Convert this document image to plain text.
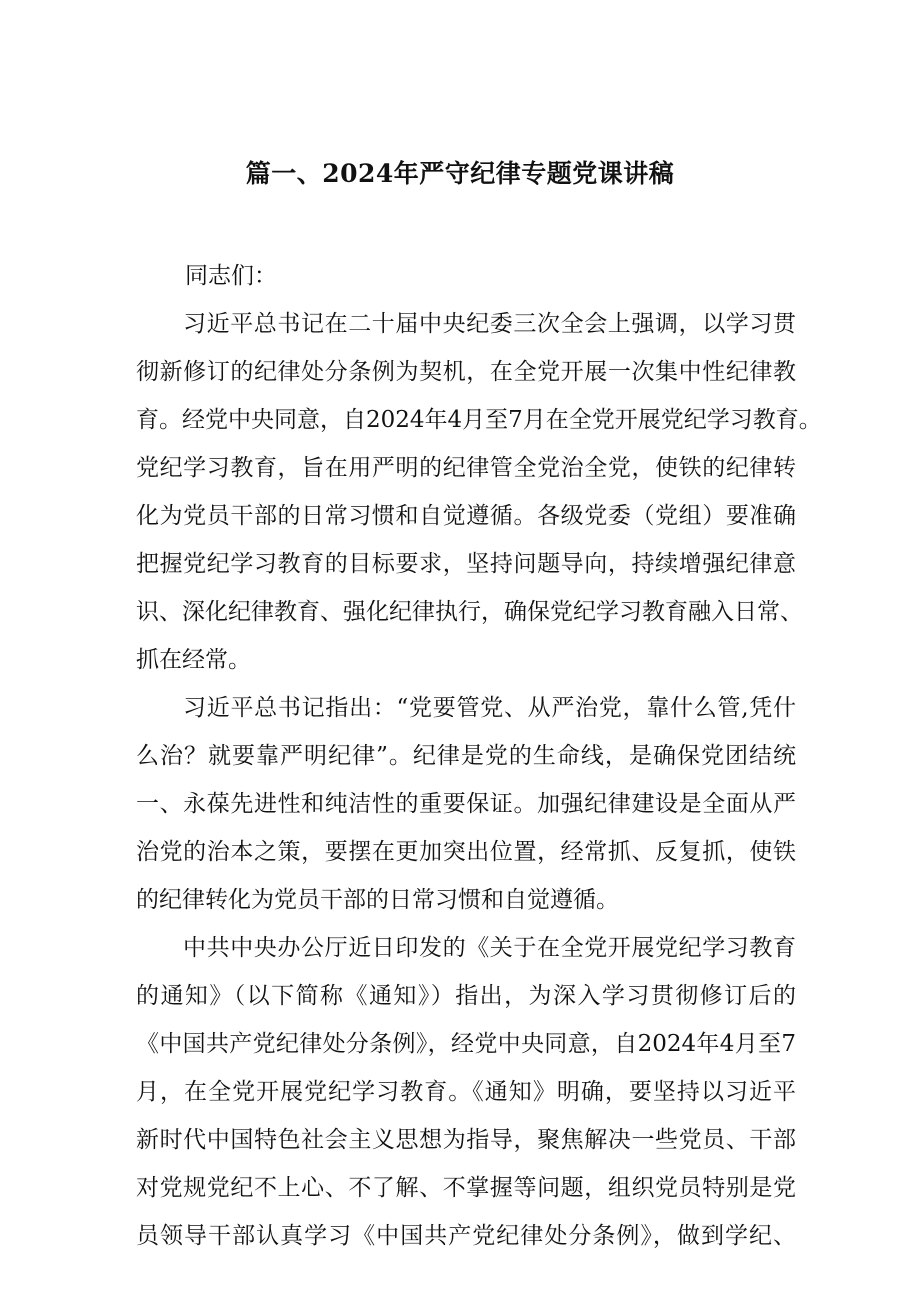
篇一、2024年严守纪律专题党课讲稿
同志们：
习近平总书记在二十届中央纪委三次全会上强调，以学习贯
彻新修订的纪律处分条例为契机，在全党开展一次集中性纪律教
育。经党中央同意，自2024年4月至7月在全党开展党纪学习教育。
党纪学习教育，旨在用严明的纪律管全党治全党，使铁的纪律转
化为党员干部的日常习惯和自觉遵循。各级党委（党组）要准确
把握党纪学习教育的目标要求，坚持问题导向，持续增强纪律意
识、深化纪律教育、强化纪律执行，确保党纪学习教育融入日常、
抓在经常。
习近平总书记指出：“党要管党、从严治党，靠什么管,凭什
么治？就要靠严明纪律”。纪律是党的生命线，是确保党团结统
一、永葆先进性和纯洁性的重要保证。加强纪律建设是全面从严
治党的治本之策，要摆在更加突出位置，经常抓、反复抓，使铁
的纪律转化为党员干部的日常习惯和自觉遵循。
中共中央办公厅近日印发的《关于在全党开展党纪学习教育
的通知》（以下简称《通知》）指出，为深入学习贯彻修订后的
《中国共产党纪律处分条例》，经党中央同意，自2024年4月至7
月，在全党开展党纪学习教育。《通知》明确，要坚持以习近平
新时代中国特色社会主义思想为指导，聚焦解决一些党员、干部
对党规党纪不上心、不了解、不掌握等问题，组织党员特别是党
员领导干部认真学习《中国共产党纪律处分条例》，做到学纪、
